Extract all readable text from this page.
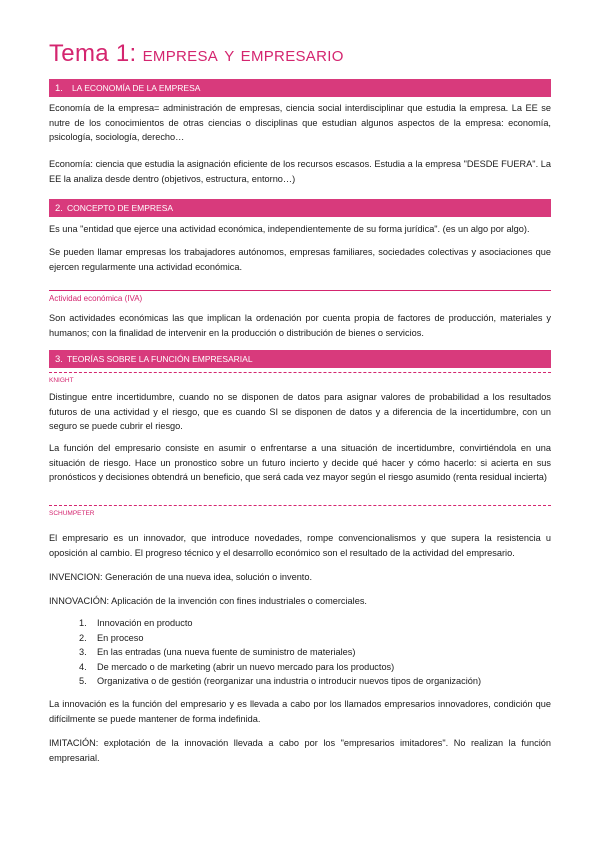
Tema 1: empresa y empresario
1. LA ECONOMÍA DE LA EMPRESA

Economía de la empresa= administración de empresas, ciencia social interdisciplinar que estudia la empresa. La EE se nutre de los conocimientos de otras ciencias o disciplinas que estudian algunos aspectos de la empresa: economía, psicología, sociología, derecho…

Economía: ciencia que estudia la asignación eficiente de los recursos escasos. Estudia a la empresa "DESDE FUERA". La EE la analiza desde dentro (objetivos, estructura, entorno…)

2. CONCEPTO DE EMPRESA

Es una "entidad que ejerce una actividad económica, independientemente de su forma jurídica". (es un algo por algo).

Se pueden llamar empresas los trabajadores autónomos, empresas familiares, sociedades colectivas y asociaciones que ejercen regularmente una actividad económica.

Actividad económica (IVA)

Son actividades económicas las que implican la ordenación por cuenta propia de factores de producción, materiales y humanos; con la finalidad de intervenir en la producción o distribución de bienes o servicios.

3. TEORÍAS SOBRE LA FUNCIÓN EMPRESARIAL
KNIGHT

Distingue entre incertidumbre, cuando no se disponen de datos para asignar valores de probabilidad a los resultados futuros de una actividad y el riesgo, que es cuando SI se disponen de datos y a diferencia de la incertidumbre, con un seguro se puede cubrir el riesgo.

La función del empresario consiste en asumir o enfrentarse a una situación de incertidumbre, convirtiéndola en una situación de riesgo. Hace un pronostico sobre un futuro incierto y decide qué hacer y cómo hacerlo: si acierta en sus pronósticos y decisiones obtendrá un beneficio, que será cada vez mayor según el riesgo asumido (renta residual incierta)

SCHUMPETER

El empresario es un innovador, que introduce novedades, rompe convencionalismos y que supera la resistencia u oposición al cambio. El progreso técnico y el desarrollo económico son el resultado de la actividad del empresario.

INVENCION: Generación de una nueva idea, solución o invento.

INNOVACIÓN: Aplicación de la invención con fines industriales o comerciales.

1.	Innovación en producto
2.	En proceso
3.	En las entradas (una nueva fuente de suministro de materiales)
4.	De mercado o de marketing (abrir un nuevo mercado para los productos)
5.	Organizativa o de gestión (reorganizar una industria o introducir nuevos tipos de organización)

La innovación es la función del empresario y es llevada a cabo por los llamados empresarios innovadores, condición que difícilmente se puede mantener de forma indefinida.

IMITACIÓN: explotación de la innovación llevada a cabo por los "empresarios imitadores". No realizan la función empresarial.
